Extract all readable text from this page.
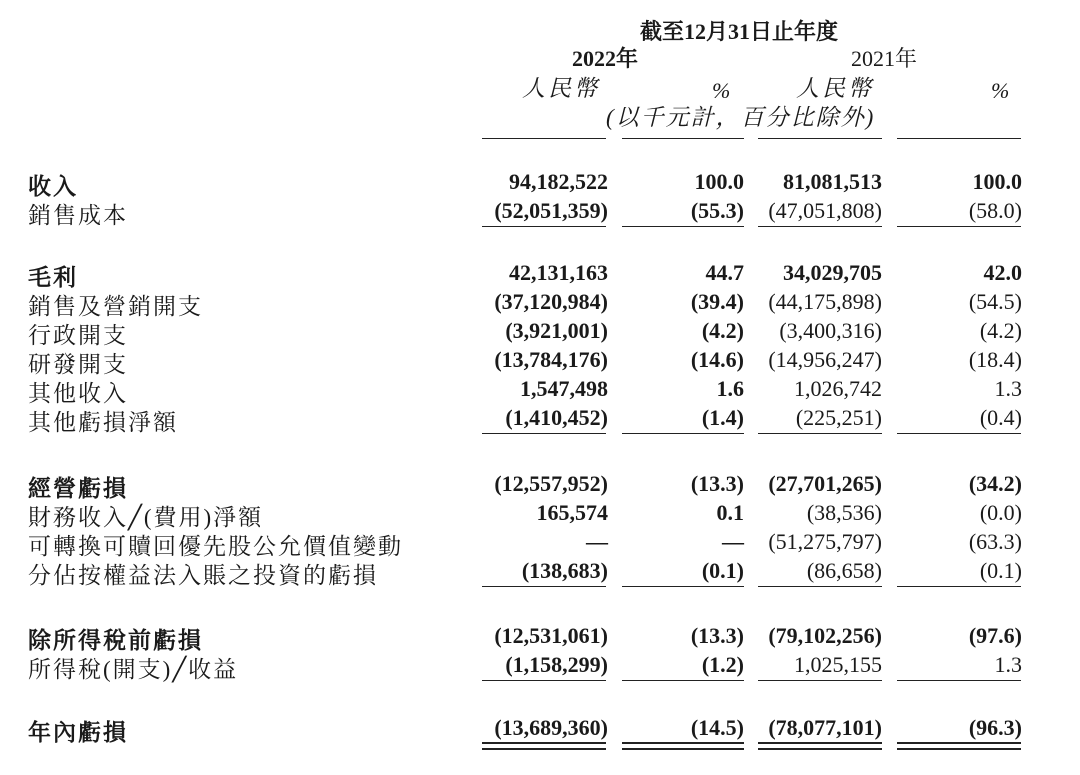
截至12月31日止年度
2022年	2021年
人民幣	%	人民幣	%
(以千元計，百分比除外)
收入	94,182,522	100.0	81,081,513	100.0
銷售成本	(52,051,359)	(55.3)	(47,051,808)	(58.0)
毛利	42,131,163	44.7	34,029,705	42.0
銷售及營銷開支	(37,120,984)	(39.4)	(44,175,898)	(54.5)
行政開支	(3,921,001)	(4.2)	(3,400,316)	(4.2)
研發開支	(13,784,176)	(14.6)	(14,956,247)	(18.4)
其他收入	1,547,498	1.6	1,026,742	1.3
其他虧損淨額	(1,410,452)	(1.4)	(225,251)	(0.4)
經營虧損	(12,557,952)	(13.3)	(27,701,265)	(34.2)
財務收入╱(費用)淨額	165,574	0.1	(38,536)	(0.0)
可轉換可贖回優先股公允價值變動	—	—	(51,275,797)	(63.3)
分佔按權益法入賬之投資的虧損	(138,683)	(0.1)	(86,658)	(0.1)
除所得稅前虧損	(12,531,061)	(13.3)	(79,102,256)	(97.6)
所得稅(開支)╱收益	(1,158,299)	(1.2)	1,025,155	1.3
年內虧損	(13,689,360)	(14.5)	(78,077,101)	(96.3)
